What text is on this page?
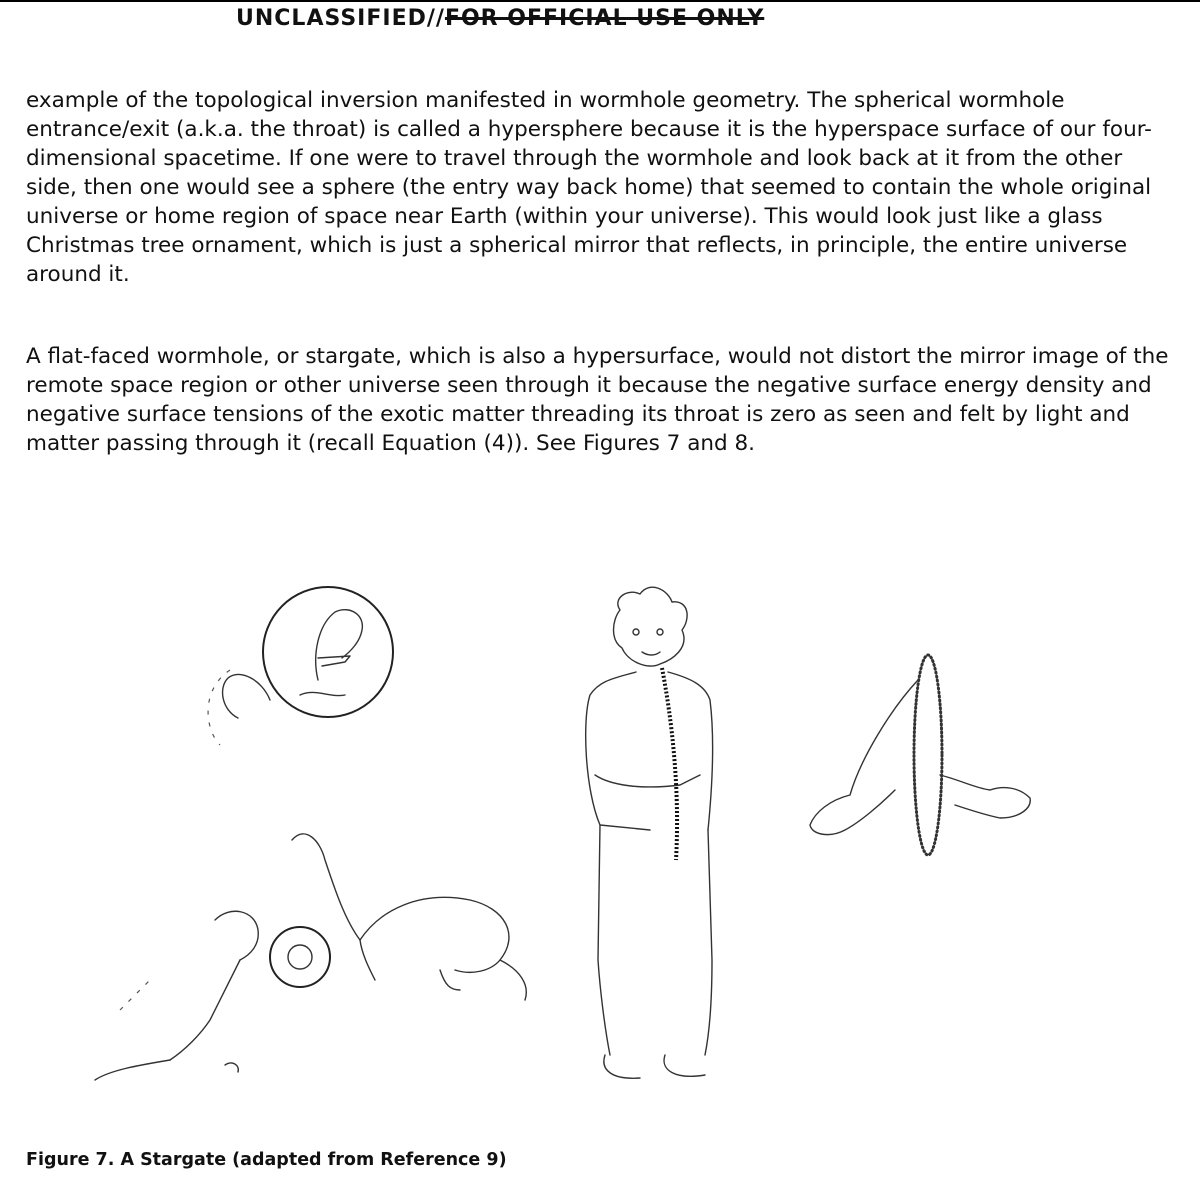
UNCLASSIFIED//FOR OFFICIAL USE ONLY

example of the topological inversion manifested in wormhole geometry. The spherical wormhole entrance/exit (a.k.a. the throat) is called a hypersphere because it is the hyperspace surface of our four-dimensional spacetime. If one were to travel through the wormhole and look back at it from the other side, then one would see a sphere (the entry way back home) that seemed to contain the whole original universe or home region of space near Earth (within your universe). This would look just like a glass Christmas tree ornament, which is just a spherical mirror that reflects, in principle, the entire universe around it.

A flat-faced wormhole, or stargate, which is also a hypersurface, would not distort the mirror image of the remote space region or other universe seen through it because the negative surface energy density and negative surface tensions of the exotic matter threading its throat is zero as seen and felt by light and matter passing through it (recall Equation (4)). See Figures 7 and 8.

Figure 7. A Stargate (adapted from Reference 9)
